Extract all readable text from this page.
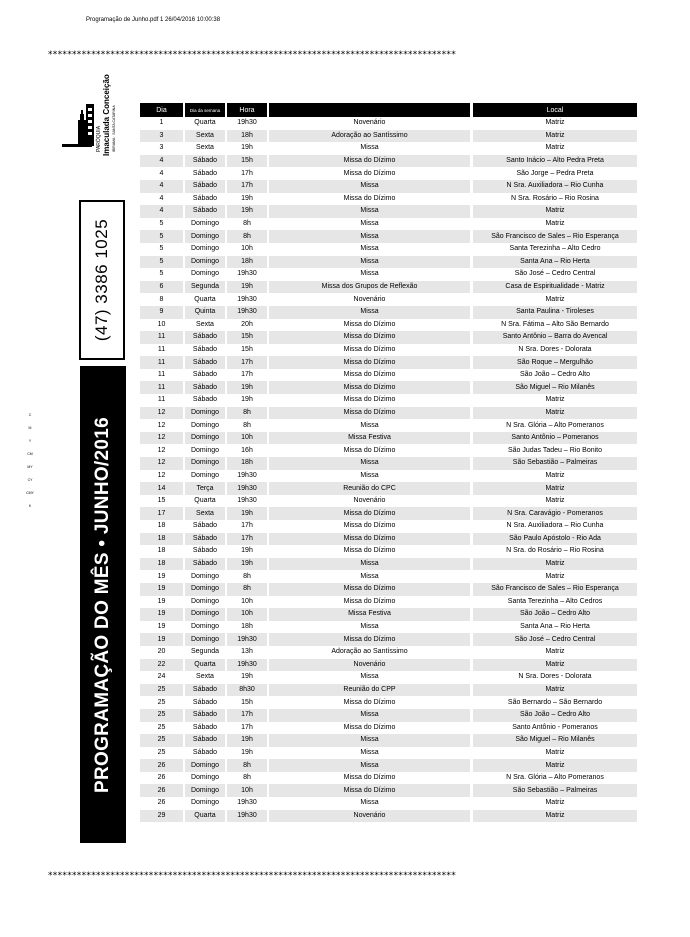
Programação de Junho.pdf 1 26/04/2016 10:00:38
*************************************************************************************
PARÓQUIA Imaculada Conceição IBIRAMA · SANTA CATARINA
(47) 3386 1025
PROGRAMAÇÃO DO MÊS • JUNHO/2016
C
M
Y
CM
MY
CY
CMY
K
Dia		Dia da semana		Hora				Local
1		Quarta		19h30		Novenário		Matriz
3		Sexta		18h		Adoração ao Santíssimo		Matriz
3		Sexta		19h		Missa		Matriz
4		Sábado		15h		Missa do Dízimo		Santo Inácio – Alto Pedra Preta
4		Sábado		17h		Missa do Dízimo		São Jorge – Pedra Preta
4		Sábado		17h		Missa		N Sra. Auxiliadora – Rio Cunha
4		Sábado		19h		Missa do Dízimo		N Sra. Rosário – Rio Rosina
4		Sábado		19h		Missa		Matriz
5		Domingo		8h		Missa		Matriz
5		Domingo		8h		Missa		São Francisco de Sales – Rio Esperança
5		Domingo		10h		Missa		Santa Terezinha – Alto Cedro
5		Domingo		18h		Missa		Santa Ana – Rio Herta
5		Domingo		19h30		Missa		São José – Cedro Central
6		Segunda		19h		Missa dos Grupos de Reflexão		Casa de Espiritualidade - Matriz
8		Quarta		19h30		Novenário		Matriz
9		Quinta		19h30		Missa		Santa Paulina - Tiroleses
10		Sexta		20h		Missa do Dízimo		N Sra. Fátima – Alto São Bernardo
11		Sábado		15h		Missa do Dízimo		Santo Antônio – Barra do Avencal
11		Sábado		15h		Missa do Dízimo		N Sra. Dores - Dolorata
11		Sábado		17h		Missa do Dízimo		São Roque – Mergulhão
11		Sábado		17h		Missa do Dízimo		São João – Cedro Alto
11		Sábado		19h		Missa do Dízimo		São Miguel – Rio Milanês
11		Sábado		19h		Missa do Dízimo		Matriz
12		Domingo		8h		Missa do Dízimo		Matriz
12		Domingo		8h		Missa		N Sra. Glória – Alto Pomeranos
12		Domingo		10h		Missa Festiva		Santo Antônio – Pomeranos
12		Domingo		16h		Missa do Dízimo		São Judas Tadeu – Rio Bonito
12		Domingo		18h		Missa		São Sebastião – Palmeiras
12		Domingo		19h30		Missa		Matriz
14		Terça		19h30		Reunião do CPC		Matriz
15		Quarta		19h30		Novenário		Matriz
17		Sexta		19h		Missa do Dízimo		N Sra. Caravágio - Pomeranos
18		Sábado		17h		Missa do Dízimo		N Sra. Auxiliadora – Rio Cunha
18		Sábado		17h		Missa do Dízimo		São Paulo Apóstolo - Rio Ada
18		Sábado		19h		Missa do Dízimo		N Sra. do Rosário – Rio Rosina
18		Sábado		19h		Missa		Matriz
19		Domingo		8h		Missa		Matriz
19		Domingo		8h		Missa do Dízimo		São Francisco de Sales – Rio Esperança
19		Domingo		10h		Missa do Dízimo		Santa Terezinha – Alto Cedros
19		Domingo		10h		Missa Festiva		São João – Cedro Alto
19		Domingo		18h		Missa		Santa Ana – Rio Herta
19		Domingo		19h30		Missa do Dízimo		São José – Cedro Central
20		Segunda		13h		Adoração ao Santíssimo		Matriz
22		Quarta		19h30		Novenário		Matriz
24		Sexta		19h		Missa		N Sra. Dores - Dolorata
25		Sábado		8h30		Reunião do CPP		Matriz
25		Sábado		15h		Missa do Dízimo		São Bernardo – São Bernardo
25		Sábado		17h		Missa		São João – Cedro Alto
25		Sábado		17h		Missa do Dízimo		Santo Antônio - Pomeranos
25		Sábado		19h		Missa		São Miguel – Rio Milanês
25		Sábado		19h		Missa		Matriz
26		Domingo		8h		Missa		Matriz
26		Domingo		8h		Missa do Dízimo		N Sra. Glória – Alto Pomeranos
26		Domingo		10h		Missa do Dízimo		São Sebastião – Palmeiras
26		Domingo		19h30		Missa		Matriz
29		Quarta		19h30		Novenário		Matriz
*************************************************************************************
